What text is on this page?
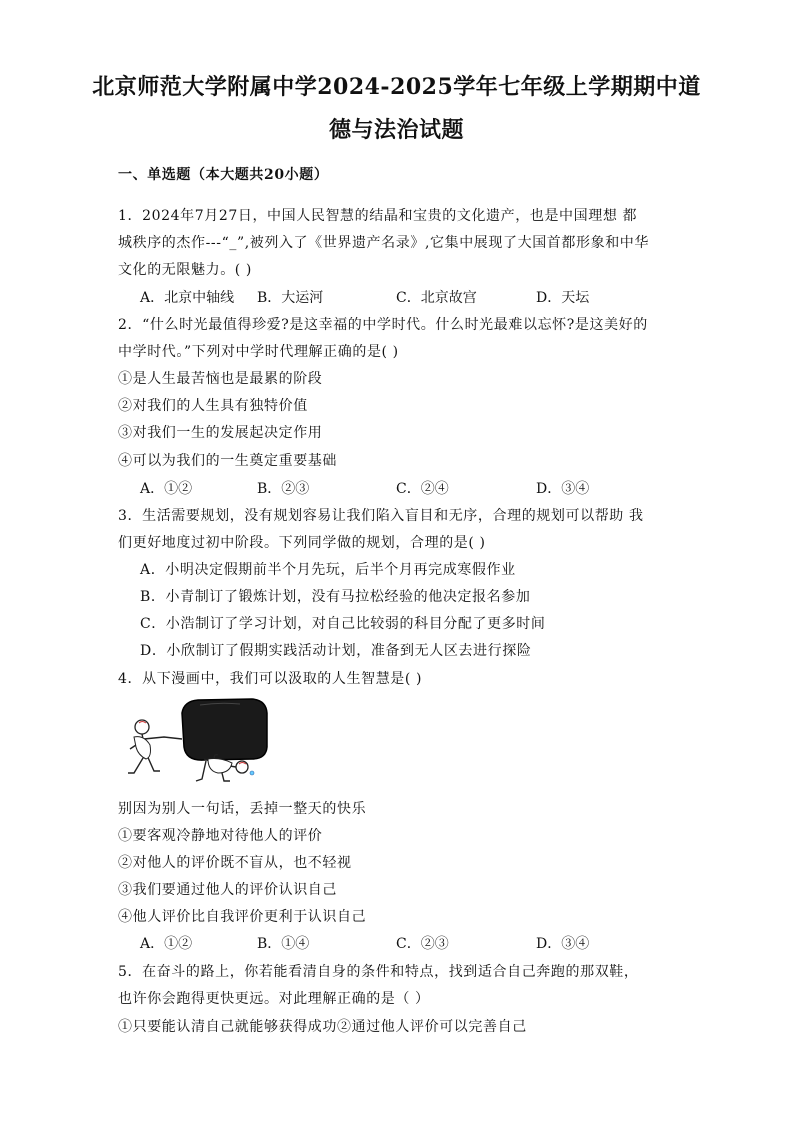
北京师范大学附属中学2024-2025学年七年级上学期期中道
德与法治试题
一、单选题（本大题共20小题）
1．2024年7月27日，中国人民智慧的结晶和宝贵的文化遗产，也是中国理想 都
城秩序的杰作---“_”,被列入了《世界遗产名录》,它集中展现了大国首都形象和中华
文化的无限魅力。( )
A．北京中轴线 B．大运河	C．北京故宫	D．天坛
2．“什么时光最值得珍爱?是这幸福的中学时代。什么时光最难以忘怀?是这美好的
中学时代。”下列对中学时代理解正确的是( )
①是人生最苦恼也是最累的阶段
②对我们的人生具有独特价值
③对我们一生的发展起决定作用
④可以为我们的一生奠定重要基础
A．①②	B．②③	C．②④	D．③④
3．生活需要规划，没有规划容易让我们陷入盲目和无序，合理的规划可以帮助 我
们更好地度过初中阶段。下列同学做的规划，合理的是( )
A．小明决定假期前半个月先玩，后半个月再完成寒假作业
B．小青制订了锻炼计划，没有马拉松经验的他决定报名参加
C．小浩制订了学习计划，对自己比较弱的科目分配了更多时间
D．小欣制订了假期实践活动计划，准备到无人区去进行探险
4．从下漫画中，我们可以汲取的人生智慧是( )
别因为别人一句话，丢掉一整天的快乐
①要客观冷静地对待他人的评价
②对他人的评价既不盲从，也不轻视
③我们要通过他人的评价认识自己
④他人评价比自我评价更利于认识自己
A．①②	B．①④	C．②③	D．③④
5．在奋斗的路上，你若能看清自身的条件和特点，找到适合自己奔跑的那双鞋，
也许你会跑得更快更远。对此理解正确的是（ ）
①只要能认清自己就能够获得成功②通过他人评价可以完善自己
